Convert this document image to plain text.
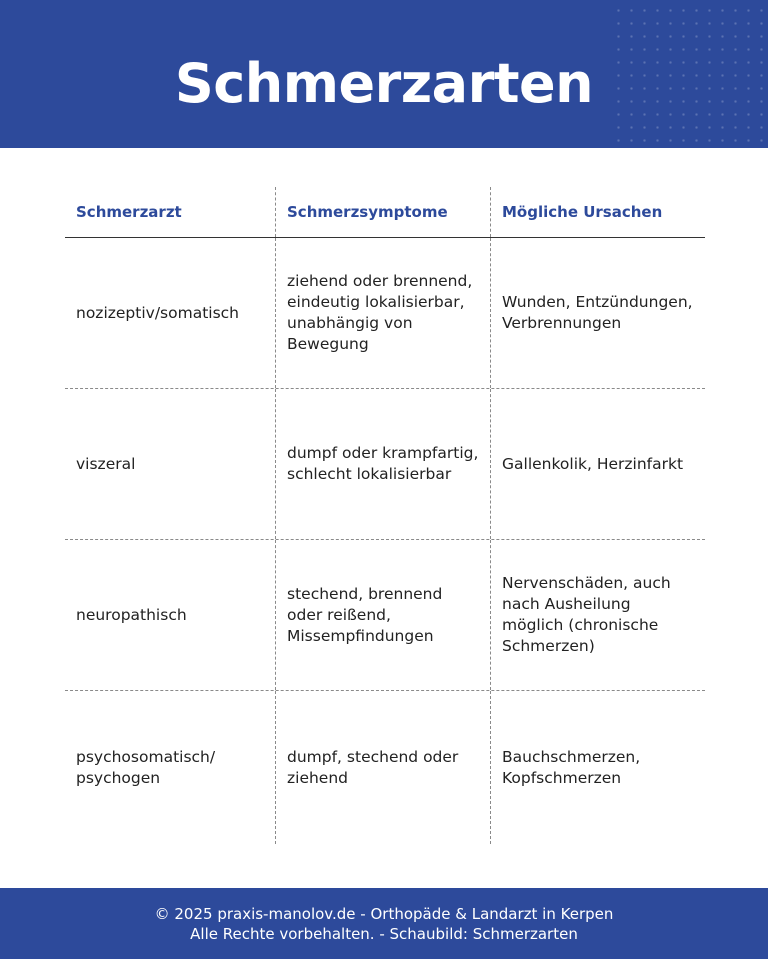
Schmerzarten
Schmerzarzt	Schmerzsymptome	Mögliche Ursachen
nozizeptiv/somatisch
ziehend oder brennend, eindeutig lokalisierbar, unabhängig von Bewegung
Wunden, Entzündungen, Verbrennungen
viszeral
dumpf oder krampfartig, schlecht lokalisierbar
Gallenkolik, Herzinfarkt
neuropathisch
stechend, brennend oder reißend, Missempfindungen
Nervenschäden, auch nach Ausheilung möglich (chronische Schmerzen)
psychosomatisch/ psychogen
dumpf, stechend oder ziehend
Bauchschmerzen, Kopfschmerzen
© 2025 praxis-manolov.de - Orthopäde & Landarzt in Kerpen
Alle Rechte vorbehalten. - Schaubild: Schmerzarten
